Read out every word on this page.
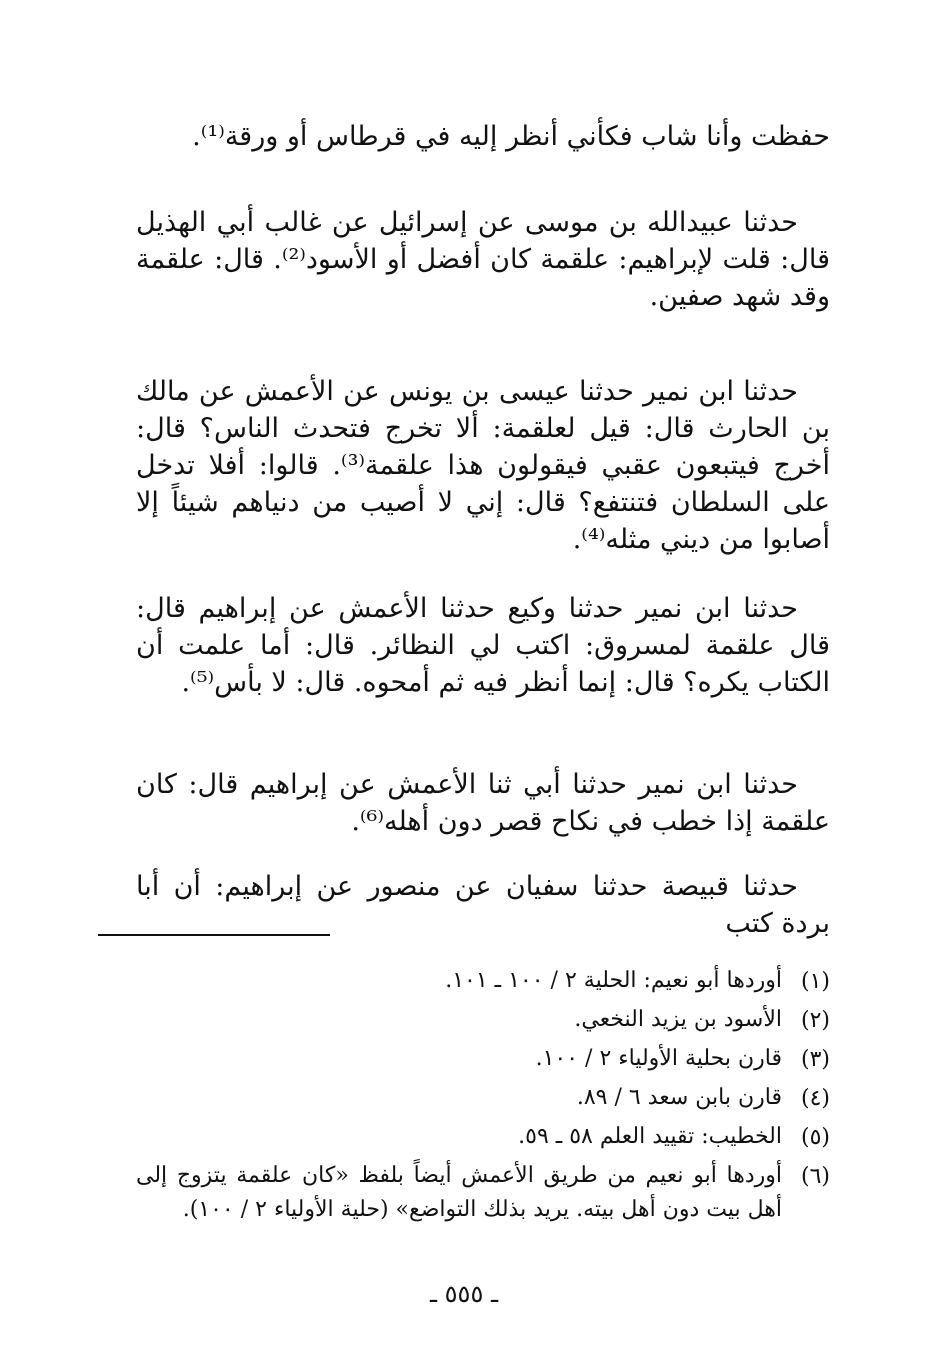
حفظت وأنا شاب فكأني أنظر إليه في قرطاس أو ورقة⁽¹⁾.

حدثنا عبيدالله بن موسى عن إسرائيل عن غالب أبي الهذيل قال: قلت لإبراهيم: علقمة كان أفضل أو الأسود⁽²⁾. قال: علقمة وقد شهد صفين.

حدثنا ابن نمير حدثنا عيسى بن يونس عن الأعمش عن مالك بن الحارث قال: قيل لعلقمة: ألا تخرج فتحدث الناس؟ قال: أخرج فيتبعون عقبي فيقولون هذا علقمة⁽³⁾. قالوا: أفلا تدخل على السلطان فتنتفع؟ قال: إني لا أصيب من دنياهم شيئاً إلا أصابوا من ديني مثله⁽⁴⁾.

حدثنا ابن نمير حدثنا وكيع حدثنا الأعمش عن إبراهيم قال: قال علقمة لمسروق: اكتب لي النظائر. قال: أما علمت أن الكتاب يكره؟ قال: إنما أنظر فيه ثم أمحوه. قال: لا بأس⁽⁵⁾.

حدثنا ابن نمير حدثنا أبي ثنا الأعمش عن إبراهيم قال: كان علقمة إذا خطب في نكاح قصر دون أهله⁽⁶⁾.

حدثنا قبيصة حدثنا سفيان عن منصور عن إبراهيم: أن أبا بردة كتب

(١)
أوردها أبو نعيم: الحلية ٢ / ١٠٠ ـ ١٠١.
(٢)
الأسود بن يزيد النخعي.
(٣)
قارن بحلية الأولياء ٢ / ١٠٠.
(٤)
قارن بابن سعد ٦ / ٨٩.
(٥)
الخطيب: تقييد العلم ٥٨ ـ ٥٩.
(٦)
أوردها أبو نعيم من طريق الأعمش أيضاً بلفظ «كان علقمة يتزوج إلى أهل بيت دون أهل بيته. يريد بذلك التواضع» (حلية الأولياء ٢ / ١٠٠).
ـ ٥٥٥ ـ
